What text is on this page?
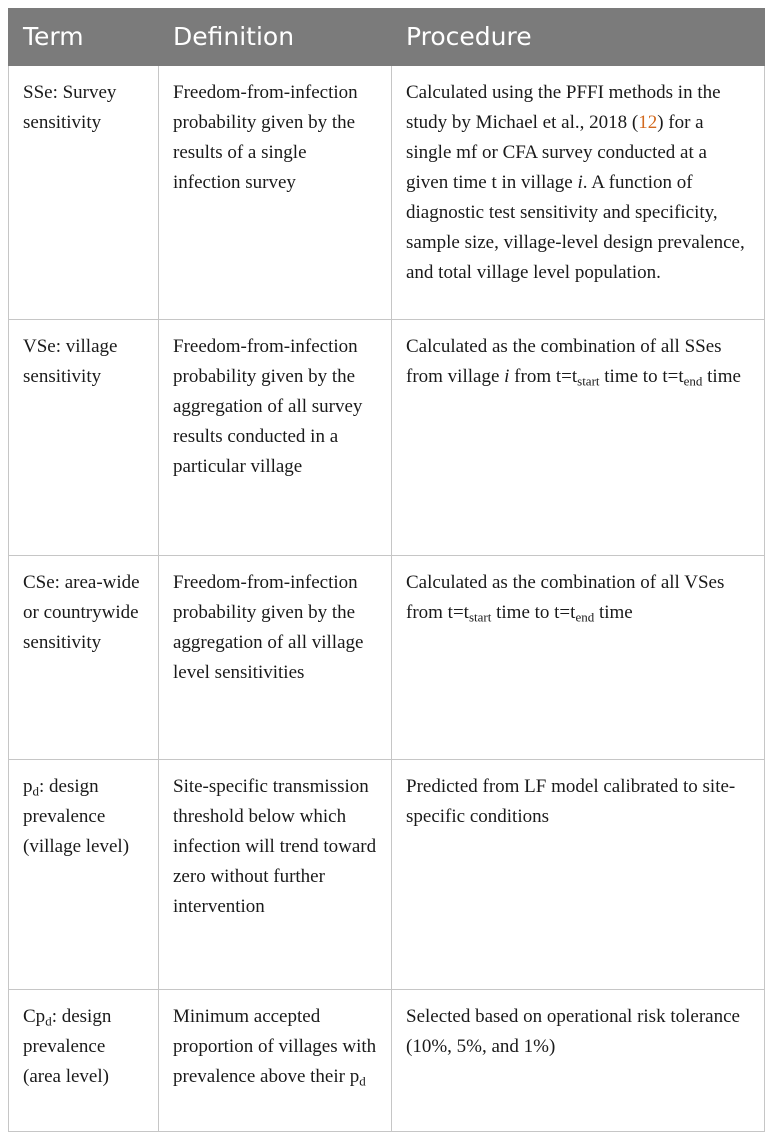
Term	Definition	Procedure
SSe: Survey sensitivity	Freedom-from-infection probability given by the results of a single infection survey	Calculated using the PFFI methods in the study by Michael et al., 2018 (12) for a single mf or CFA survey conducted at a given time t in village i. A function of diagnostic test sensitivity and specificity, sample size, village-level design prevalence, and total village level population.
VSe: village sensitivity	Freedom-from-infection probability given by the aggregation of all survey results conducted in a particular village	Calculated as the combination of all SSes from village i from $t=t_{start}$ time to $t=t_{end}$ time
CSe: area-wide or countrywide sensitivity	Freedom-from-infection probability given by the aggregation of all village level sensitivities	Calculated as the combination of all VSes from $t=t_{start}$ time to $t=t_{end}$ time
$p_d$: design prevalence (village level)	Site-specific transmission threshold below which infection will trend toward zero without further intervention	Predicted from LF model calibrated to site-specific conditions
$Cp_d$: design prevalence (area level)	Minimum accepted proportion of villages with prevalence above their $p_d$	Selected based on operational risk tolerance (10%, 5%, and 1%)
